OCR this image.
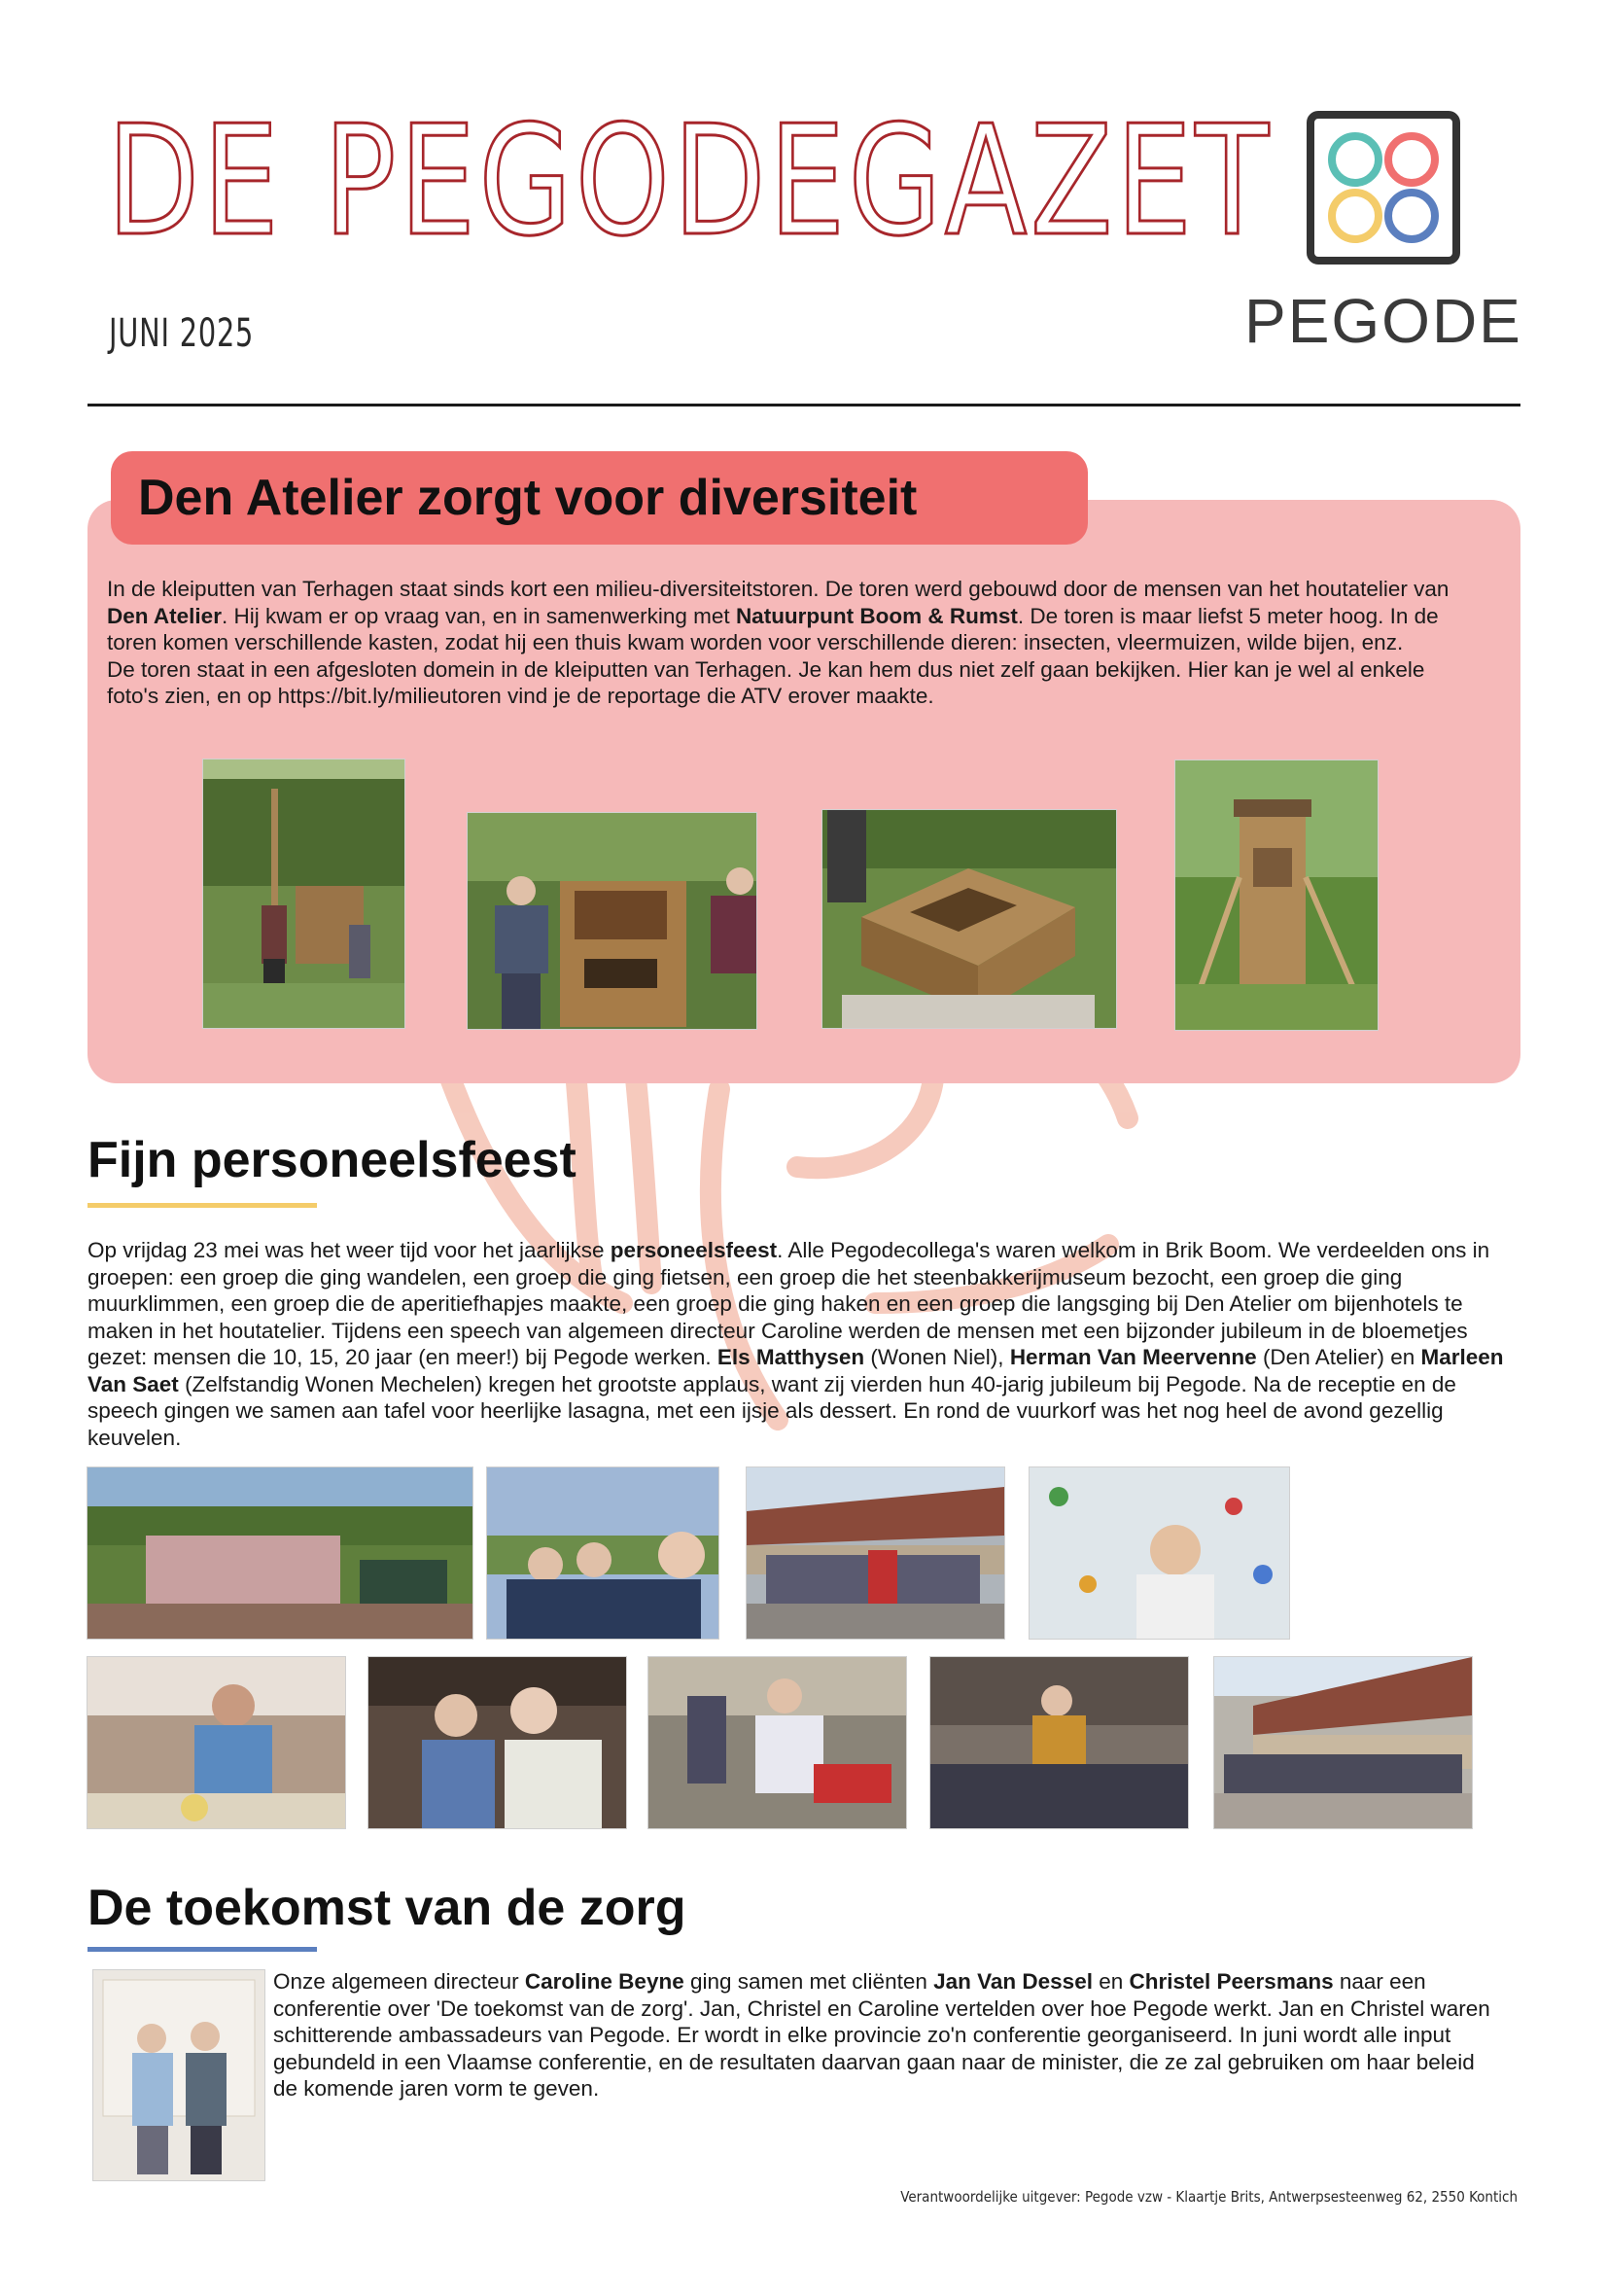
DE PEGODEGAZET
JUNI 2025	PEGODE
Den Atelier zorgt voor diversiteit
In de kleiputten van Terhagen staat sinds kort een milieu-diversiteitstoren. De toren werd gebouwd door de mensen van het houtatelier van Den Atelier. Hij kwam er op vraag van, en in samenwerking met Natuurpunt Boom & Rumst. De toren is maar liefst 5 meter hoog. In de toren komen verschillende kasten, zodat hij een thuis kwam worden voor verschillende dieren: insecten, vleermuizen, wilde bijen, enz.
De toren staat in een afgesloten domein in de kleiputten van Terhagen. Je kan hem dus niet zelf gaan bekijken. Hier kan je wel al enkele foto's zien, en op https://bit.ly/milieutoren vind je de reportage die ATV erover maakte.
Fijn personeelsfeest
Op vrijdag 23 mei was het weer tijd voor het jaarlijkse personeelsfeest. Alle Pegodecollega's waren welkom in Brik Boom. We verdeelden ons in groepen: een groep die ging wandelen, een groep die ging fietsen, een groep die het steenbakkerijmuseum bezocht, een groep die ging muurklimmen, een groep die de aperitiefhapjes maakte, een groep die ging haken en een groep die langsging bij Den Atelier om bijenhotels te maken in het houtatelier. Tijdens een speech van algemeen directeur Caroline werden de mensen met een bijzonder jubileum in de bloemetjes gezet: mensen die 10, 15, 20 jaar (en meer!) bij Pegode werken. Els Matthysen (Wonen Niel), Herman Van Meervenne (Den Atelier) en Marleen Van Saet (Zelfstandig Wonen Mechelen) kregen het grootste applaus, want zij vierden hun 40-jarig jubileum bij Pegode. Na de receptie en de speech gingen we samen aan tafel voor heerlijke lasagna, met een ijsje als dessert. En rond de vuurkorf was het nog heel de avond gezellig keuvelen.
De toekomst van de zorg
Onze algemeen directeur Caroline Beyne ging samen met cliënten Jan Van Dessel en Christel Peersmans naar een conferentie over 'De toekomst van de zorg'. Jan, Christel en Caroline vertelden over hoe Pegode werkt. Jan en Christel waren schitterende ambassadeurs van Pegode. Er wordt in elke provincie zo'n conferentie georganiseerd. In juni wordt alle input gebundeld in een Vlaamse conferentie, en de resultaten daarvan gaan naar de minister, die ze zal gebruiken om haar beleid de komende jaren vorm te geven.
Verantwoordelijke uitgever: Pegode vzw - Klaartje Brits, Antwerpsesteenweg 62, 2550 Kontich
